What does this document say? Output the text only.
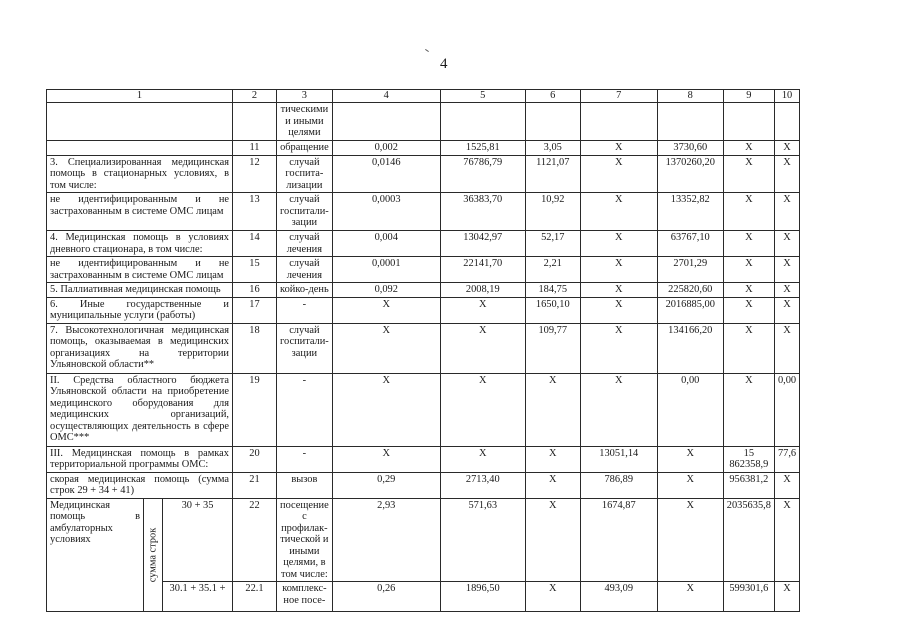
4
1			2	3	4	5	6	7	8	9	10
				тическими и иными целями							
			11	обращение	0,002	1525,81	3,05	X	3730,60	X	X
3. Специализированная медицинская помощь в стационарных условиях, в том числе:			12	случай госпита-лизации	0,0146	76786,79	1121,07	X	1370260,20	X	X
не идентифицированным и не застрахованным в системе ОМС лицам			13	случай госпитали-зации	0,0003	36383,70	10,92	X	13352,82	X	X
4. Медицинская помощь в условиях дневного стационара, в том числе:			14	случай лечения	0,004	13042,97	52,17	X	63767,10	X	X
не идентифицированным и не застрахованным в системе ОМС лицам			15	случай лечения	0,0001	22141,70	2,21	X	2701,29	X	X
5. Паллиативная медицинская помощь			16	койко-день	0,092	2008,19	184,75	X	225820,60	X	X
6. Иные государственные и муниципальные услуги (работы)			17	-	X	X	1650,10	X	2016885,00	X	X
7. Высокотехнологичная медицинская помощь, оказываемая в медицинских организациях на территории Ульяновской области**			18	случай госпитали-зации	X	X	109,77	X	134166,20	X	X
II. Средства областного бюджета Ульяновской области на приобретение медицинского оборудования для медицинских организаций, осуществляющих деятельность в сфере ОМС***			19	-	X	X	X	X	0,00	X	0,00
III. Медицинская помощь в рамках территориальной программы ОМС:			20	-	X	X	X	13051,14	X	15 862358,9	77,6
скорая медицинская помощь (сумма строк 29 + 34 + 41)			21	вызов	0,29	2713,40	X	786,89	X	956381,2	X
Медицинская помощь в амбулаторных условиях	сумма строк	30 + 35	22	посещение с профилак-тической и иными целями, в том числе:	2,93	571,63	X	1674,87	X	2035635,8	X
		30.1 + 35.1 +	22.1	комплекс-ное посе-	0,26	1896,50	X	493,09	X	599301,6	X
